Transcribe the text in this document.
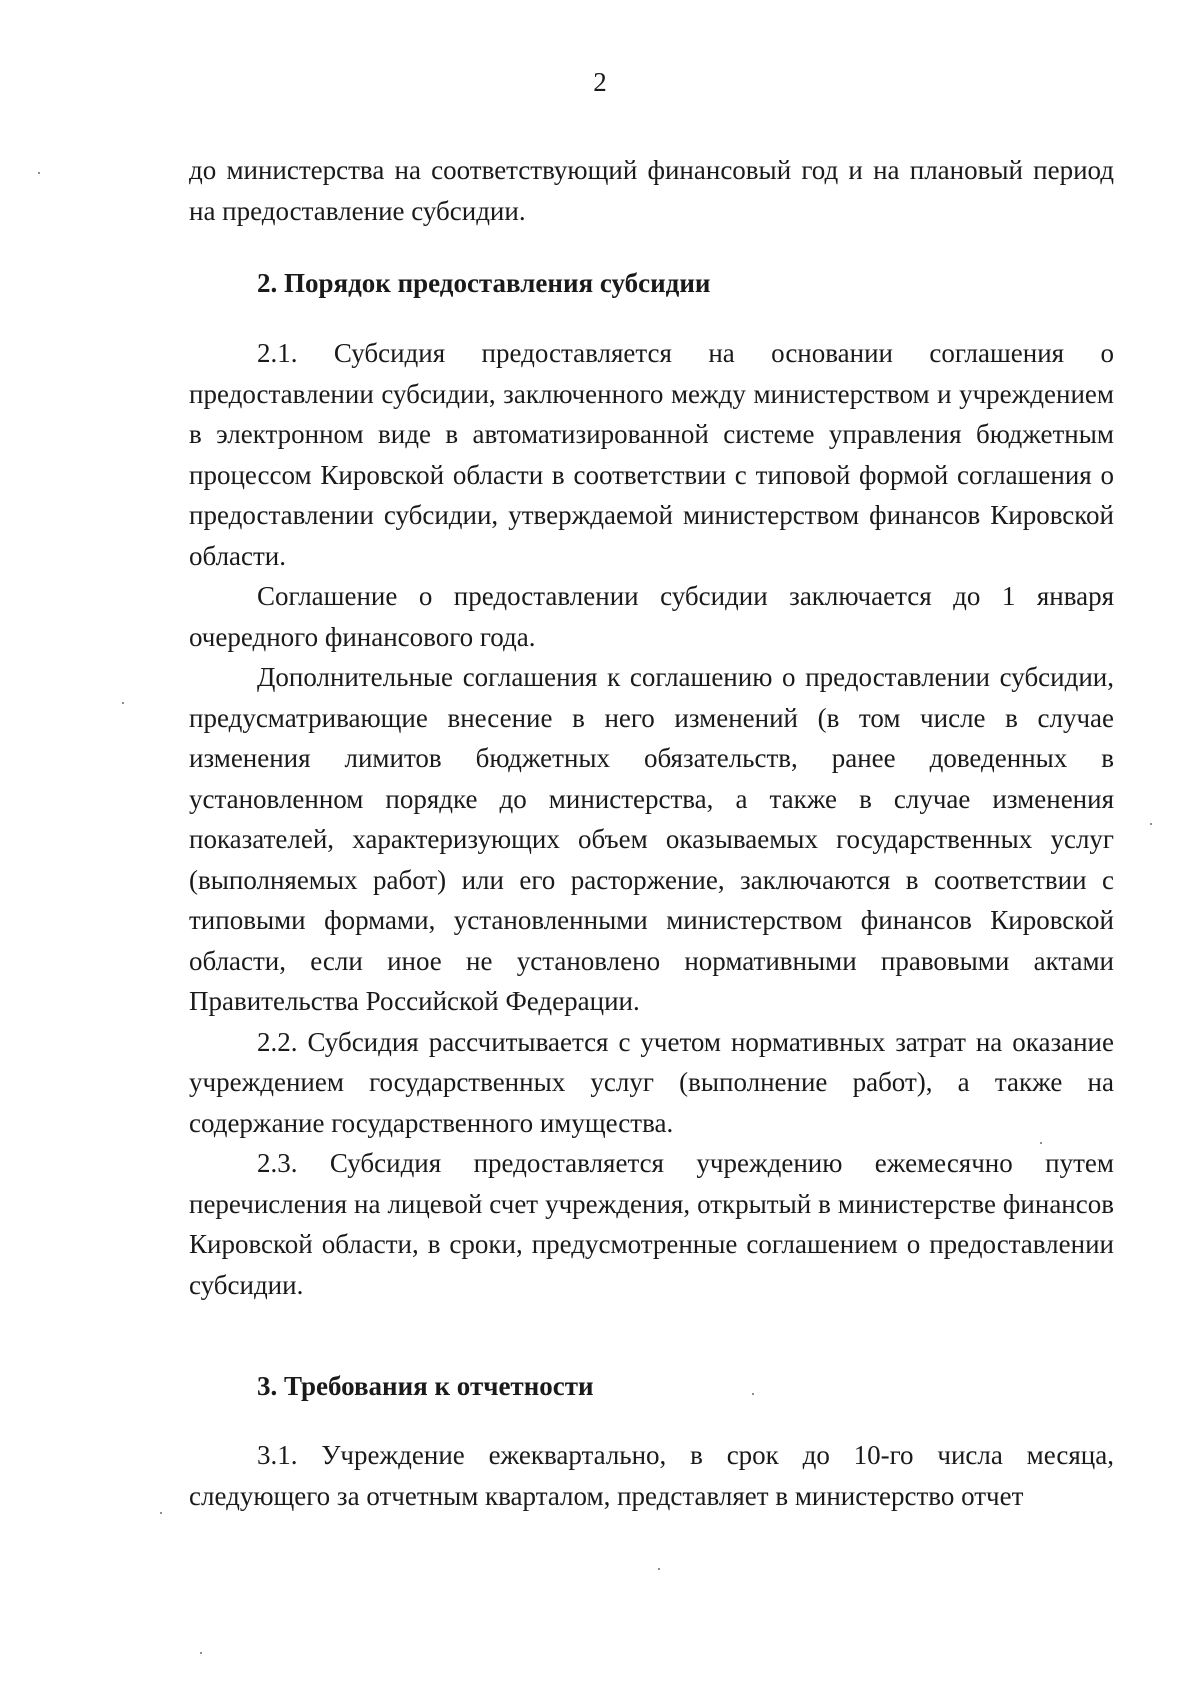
2

до министерства на соответствующий финансовый год и на плановый период на предоставление субсидии.

2. Порядок предоставления субсидии

2.1. Субсидия предоставляется на основании соглашения о предоставлении субсидии, заключенного между министерством и учреждением в электронном виде в автоматизированной системе управления бюджетным процессом Кировской области в соответствии с типовой формой соглашения о предоставлении субсидии, утверждаемой министерством финансов Кировской области.

Соглашение о предоставлении субсидии заключается до 1 января очередного финансового года.

Дополнительные соглашения к соглашению о предоставлении субсидии, предусматривающие внесение в него изменений (в том числе в случае изменения лимитов бюджетных обязательств, ранее доведенных в установленном порядке до министерства, а также в случае изменения показателей, характеризующих объем оказываемых государственных услуг (выполняемых работ) или его расторжение, заключаются в соответствии с типовыми формами, установленными министерством финансов Кировской области, если иное не установлено нормативными правовыми актами Правительства Российской Федерации.

2.2. Субсидия рассчитывается с учетом нормативных затрат на оказание учреждением государственных услуг (выполнение работ), а также на содержание государственного имущества.

2.3. Субсидия предоставляется учреждению ежемесячно путем перечисления на лицевой счет учреждения, открытый в министерстве финансов Кировской области, в сроки, предусмотренные соглашением о предоставлении субсидии.

3. Требования к отчетности

3.1. Учреждение ежеквартально, в срок до 10-го числа месяца, следующего за отчетным кварталом, представляет в министерство отчет
